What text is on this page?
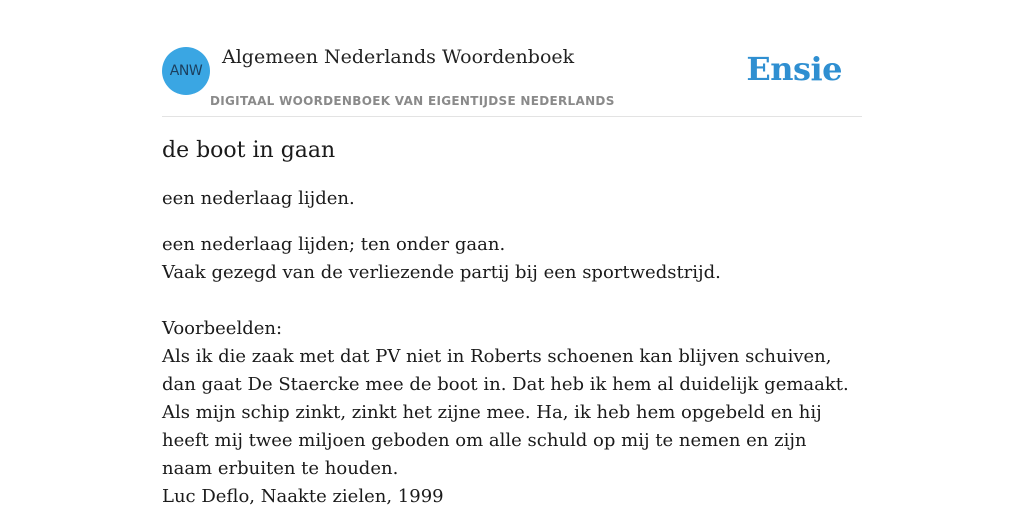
ANW
Algemeen Nederlands Woordenboek
DIGITAAL WOORDENBOEK VAN EIGENTIJDSE NEDERLANDS
Ensie
de boot in gaan

een nederlaag lijden.

een nederlaag lijden; ten onder gaan.
Vaak gezegd van de verliezende partij bij een sportwedstrijd.
Voorbeelden:
Als ik die zaak met dat PV niet in Roberts schoenen kan blijven schuiven, dan gaat De Staercke mee de boot in. Dat heb ik hem al duidelijk gemaakt. Als mijn schip zinkt, zinkt het zijne mee. Ha, ik heb hem opgebeld en hij heeft mij twee miljoen geboden om alle schuld op mij te nemen en zijn naam erbuiten te houden.
Luc Deflo, Naakte zielen, 1999
